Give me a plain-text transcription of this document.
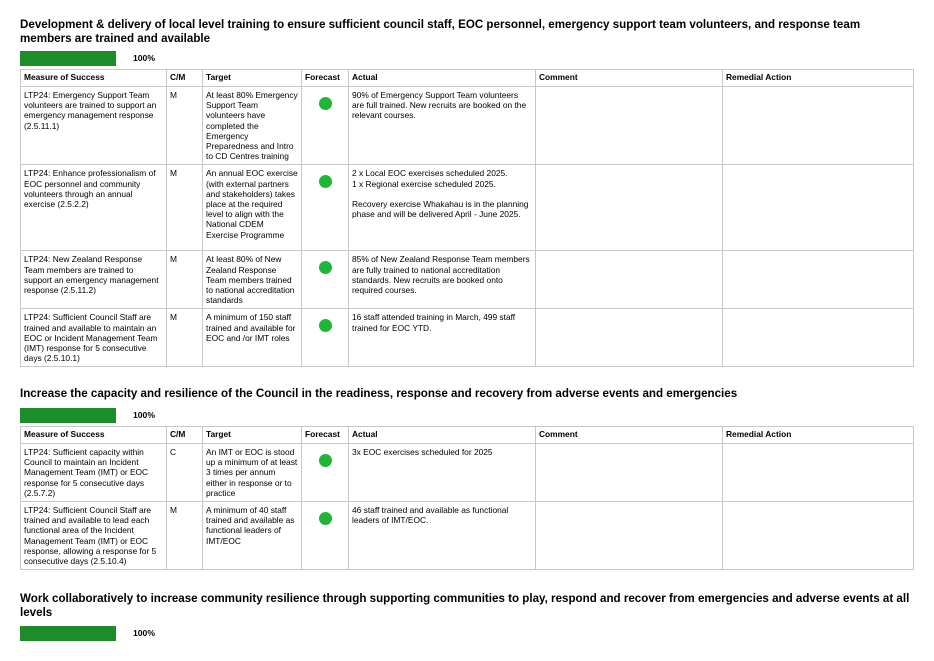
Development & delivery of local level training to ensure sufficient council staff, EOC personnel, emergency support team volunteers, and response team members are trained and available
100%
Measure of Success	C/M	Target	Forecast	Actual	Comment	Remedial Action
LTP24: Emergency Support Team volunteers are trained to support an emergency management response (2.5.11.1)	M	At least 80% Emergency Support Team volunteers have completed the Emergency Preparedness and Intro to CD Centres training		90% of Emergency Support Team volunteers are full trained. New recruits are booked on the relevant courses.		
LTP24: Enhance professionalism of EOC personnel and community volunteers through an annual exercise (2.5.2.2)	M	An annual EOC exercise (with external partners and stakeholders) takes place at the required level to align with the National CDEM Exercise Programme		2 x Local EOC exercises scheduled 2025.
1 x Regional exercise scheduled 2025.

Recovery exercise Whakahau is in the planning phase and will be delivered April - June 2025.		
LTP24: New Zealand Response Team members are trained to support an emergency management response (2.5.11.2)	M	At least 80% of New Zealand Response Team members trained to national accreditation standards		85% of New Zealand Response Team members are fully trained to national accreditation standards. New recruits are booked onto required courses.		
LTP24: Sufficient Council Staff are trained and available to maintain an EOC or Incident Management Team (IMT) response for 5 consecutive days (2.5.10.1)	M	A minimum of 150 staff trained and available for EOC and /or IMT roles		16 staff attended training in March, 499 staff trained for EOC YTD.		
Increase the capacity and resilience of the Council in the readiness, response and recovery from adverse events and emergencies
100%
Measure of Success	C/M	Target	Forecast	Actual	Comment	Remedial Action
LTP24: Sufficient capacity within Council to maintain an Incident Management Team (IMT) or EOC response for 5 consecutive days (2.5.7.2)	C	An IMT or EOC is stood up a minimum of at least 3 times per annum either in response or to practice		3x EOC exercises scheduled for 2025		
LTP24: Sufficient Council Staff are trained and available to lead each functional area of the Incident Management Team (IMT) or EOC response, allowing a response for 5 consecutive days (2.5.10.4)	M	A minimum of 40 staff trained and available as functional leaders of IMT/EOC		46 staff trained and available as functional leaders of IMT/EOC.		
Work collaboratively to increase community resilience through supporting communities to play, respond and recover from emergencies and adverse events at all levels
100%
